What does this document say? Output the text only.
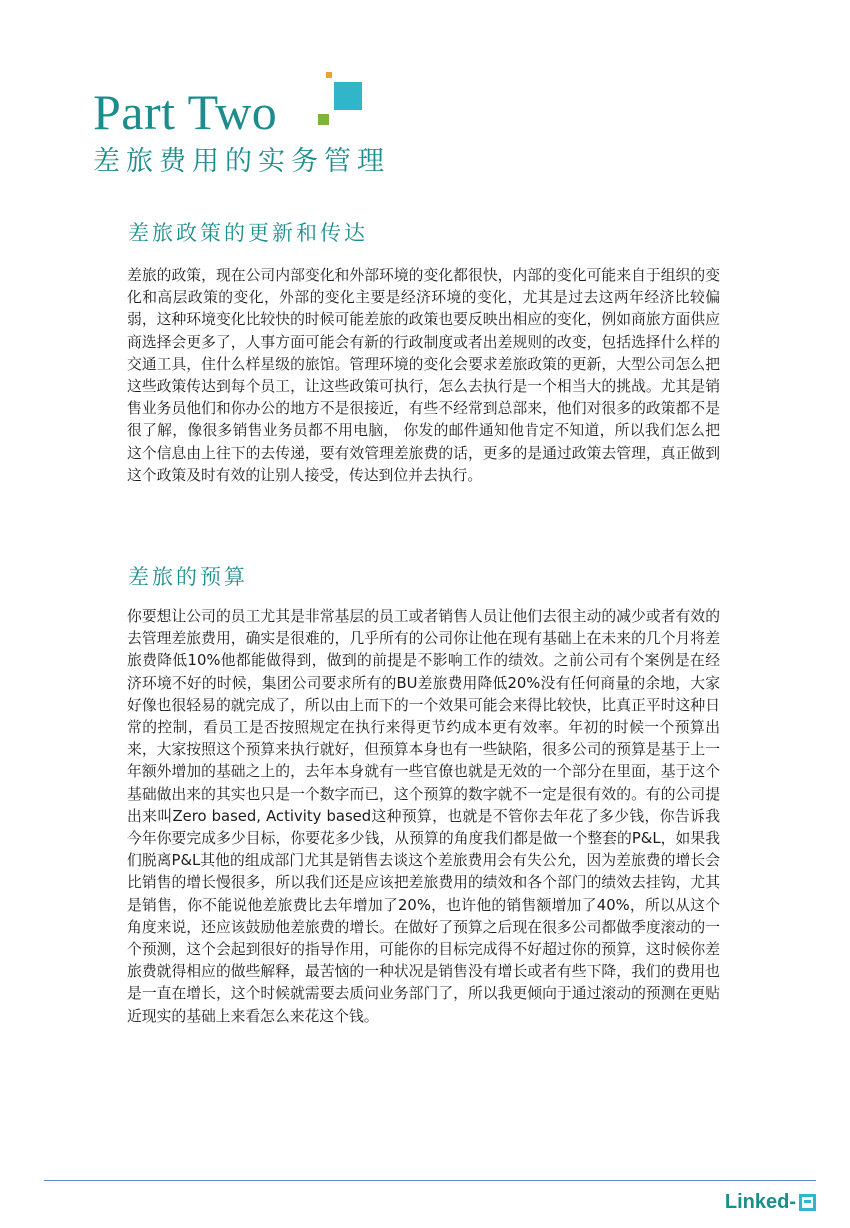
Part Two
差旅费用的实务管理
差旅政策的更新和传达

差旅的政策，现在公司内部变化和外部环境的变化都很快，内部的变化可能来自于组织的变化和高层政策的变化，外部的变化主要是经济环境的变化，尤其是过去这两年经济比较偏弱，这种环境变化比较快的时候可能差旅的政策也要反映出相应的变化，例如商旅方面供应商选择会更多了，人事方面可能会有新的行政制度或者出差规则的改变，包括选择什么样的交通工具，住什么样星级的旅馆。管理环境的变化会要求差旅政策的更新，大型公司怎么把这些政策传达到每个员工，让这些政策可执行，怎么去执行是一个相当大的挑战。尤其是销售业务员他们和你办公的地方不是很接近，有些不经常到总部来，他们对很多的政策都不是很了解，像很多销售业务员都不用电脑， 你发的邮件通知他肯定不知道，所以我们怎么把这个信息由上往下的去传递，要有效管理差旅费的话，更多的是通过政策去管理，真正做到这个政策及时有效的让别人接受，传达到位并去执行。

差旅的预算

你要想让公司的员工尤其是非常基层的员工或者销售人员让他们去很主动的减少或者有效的去管理差旅费用，确实是很难的，几乎所有的公司你让他在现有基础上在未来的几个月将差旅费降低10%他都能做得到，做到的前提是不影响工作的绩效。之前公司有个案例是在经济环境不好的时候，集团公司要求所有的BU差旅费用降低20%没有任何商量的余地，大家好像也很轻易的就完成了，所以由上而下的一个效果可能会来得比较快，比真正平时这种日常的控制，看员工是否按照规定在执行来得更节约成本更有效率。年初的时候一个预算出来，大家按照这个预算来执行就好，但预算本身也有一些缺陷，很多公司的预算是基于上一年额外增加的基础之上的，去年本身就有一些官僚也就是无效的一个部分在里面，基于这个基础做出来的其实也只是一个数字而已，这个预算的数字就不一定是很有效的。有的公司提出来叫Zero based, Activity based这种预算，也就是不管你去年花了多少钱，你告诉我今年你要完成多少目标，你要花多少钱，从预算的角度我们都是做一个整套的P&L，如果我们脱离P&L其他的组成部门尤其是销售去谈这个差旅费用会有失公允，因为差旅费的增长会比销售的增长慢很多，所以我们还是应该把差旅费用的绩效和各个部门的绩效去挂钩，尤其是销售，你不能说他差旅费比去年增加了20%，也许他的销售额增加了40%，所以从这个角度来说，还应该鼓励他差旅费的增长。在做好了预算之后现在很多公司都做季度滚动的一个预测，这个会起到很好的指导作用，可能你的目标完成得不好超过你的预算，这时候你差旅费就得相应的做些解释，最苦恼的一种状况是销售没有增长或者有些下降，我们的费用也是一直在增长，这个时候就需要去质问业务部门了，所以我更倾向于通过滚动的预测在更贴近现实的基础上来看怎么来花这个钱。

Linked-
